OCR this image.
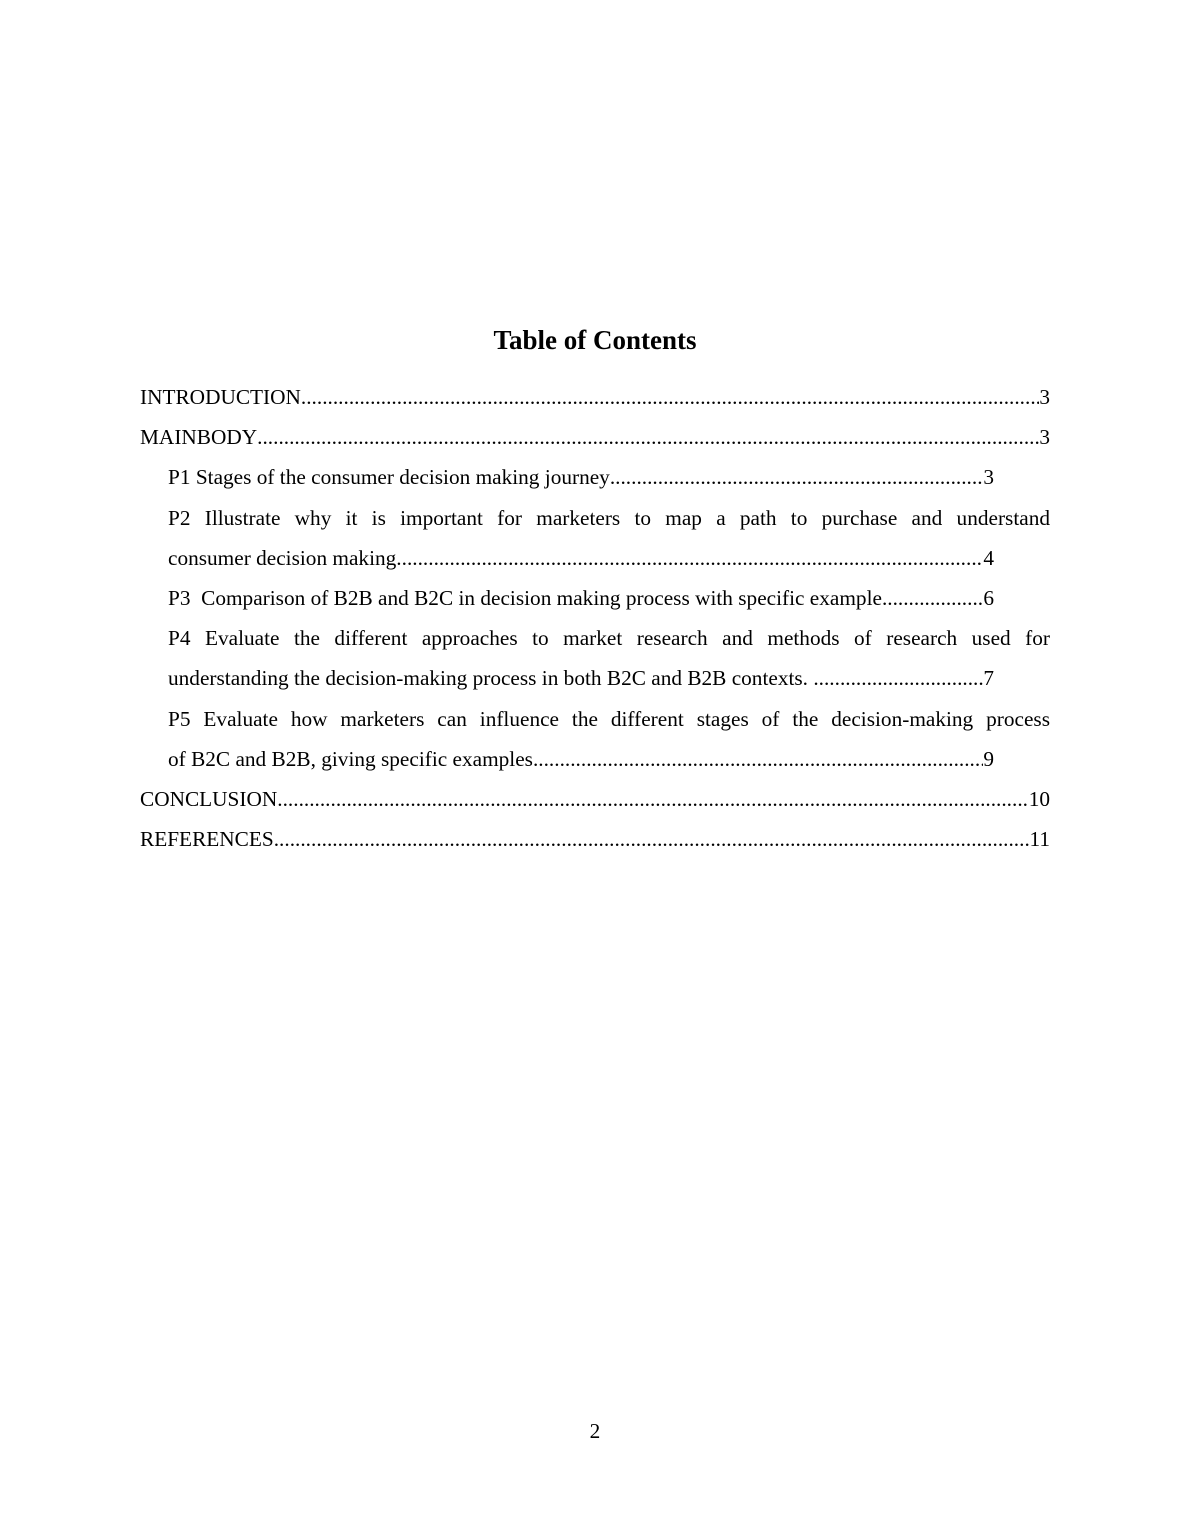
Table of Contents
INTRODUCTION .....	3
MAINBODY .....	3
P1 Stages of the consumer decision making journey .....	3
P2 Illustrate why it is important for marketers to map a path to purchase and understand
consumer decision making .....	4
P3  Comparison of B2B and B2C in decision making process with specific example .....	6
P4 Evaluate the different approaches to market research and methods of research used for
understanding the decision-making process in both B2C and B2B contexts. .....	7
P5 Evaluate how marketers can influence the different stages of the decision-making process
of B2C and B2B, giving specific examples .....	9
CONCLUSION .....	10
REFERENCES .....	11
2
